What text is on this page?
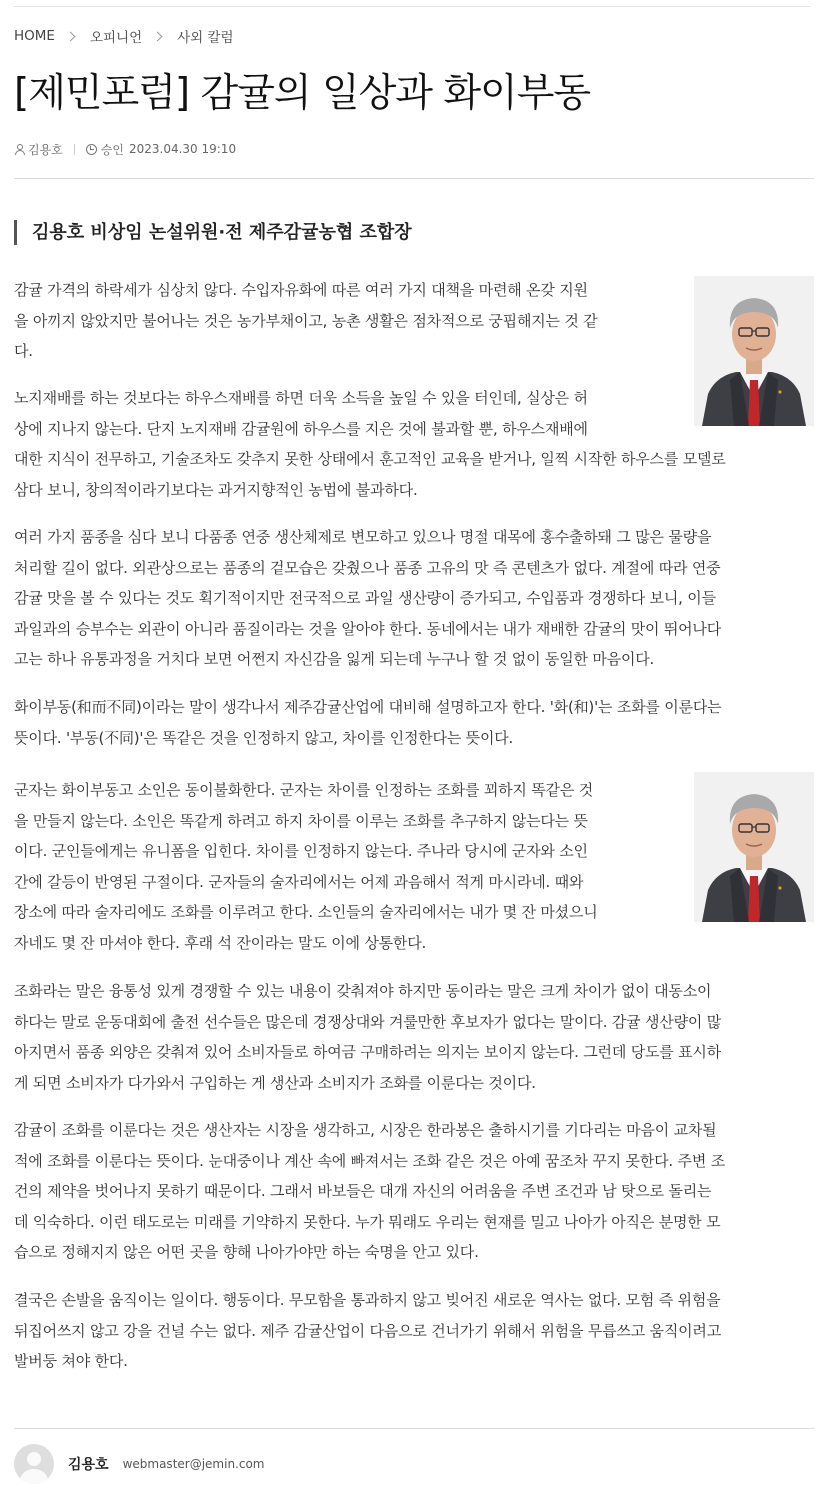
HOME	오피니언	사외 칼럼
[제민포럼] 감귤의 일상과 화이부동
김용호	승인 2023.04.30 19:10
김용호 비상임 논설위원·전 제주감귤농협 조합장
감귤 가격의 하락세가 심상치 않다. 수입자유화에 따른 여러 가지 대책을 마련해 온갖 지원
을 아끼지 않았지만 불어나는 것은 농가부채이고, 농촌 생활은 점차적으로 궁핍해지는 것 같
다.
노지재배를 하는 것보다는 하우스재배를 하면 더욱 소득을 높일 수 있을 터인데, 실상은 허
상에 지나지 않는다. 단지 노지재배 감귤원에 하우스를 지은 것에 불과할 뿐, 하우스재배에
대한 지식이 전무하고, 기술조차도 갖추지 못한 상태에서 훈고적인 교육을 받거나, 일찍 시작한 하우스를 모델로
삼다 보니, 창의적이라기보다는 과거지향적인 농법에 불과하다.
여러 가지 품종을 심다 보니 다품종 연중 생산체제로 변모하고 있으나 명절 대목에 홍수출하돼 그 많은 물량을
처리할 길이 없다. 외관상으로는 품종의 겉모습은 갖췄으나 품종 고유의 맛 즉 콘텐츠가 없다. 계절에 따라 연중
감귤 맛을 볼 수 있다는 것도 획기적이지만 전국적으로 과일 생산량이 증가되고, 수입품과 경쟁하다 보니, 이들
과일과의 승부수는 외관이 아니라 품질이라는 것을 알아야 한다. 동네에서는 내가 재배한 감귤의 맛이 뛰어나다
고는 하나 유통과정을 거치다 보면 어쩐지 자신감을 잃게 되는데 누구나 할 것 없이 동일한 마음이다.
화이부동(和而不同)이라는 말이 생각나서 제주감귤산업에 대비해 설명하고자 한다. '화(和)'는 조화를 이룬다는
뜻이다. '부동(不同)'은 똑같은 것을 인정하지 않고, 차이를 인정한다는 뜻이다.
군자는 화이부동고 소인은 동이불화한다. 군자는 차이를 인정하는 조화를 꾀하지 똑같은 것
을 만들지 않는다. 소인은 똑같게 하려고 하지 차이를 이루는 조화를 추구하지 않는다는 뜻
이다. 군인들에게는 유니폼을 입힌다. 차이를 인정하지 않는다. 주나라 당시에 군자와 소인
간에 갈등이 반영된 구절이다. 군자들의 술자리에서는 어제 과음해서 적게 마시라네. 때와
장소에 따라 술자리에도 조화를 이루려고 한다. 소인들의 술자리에서는 내가 몇 잔 마셨으니
자네도 몇 잔 마셔야 한다. 후래 석 잔이라는 말도 이에 상통한다.
조화라는 말은 융통성 있게 경쟁할 수 있는 내용이 갖춰져야 하지만 동이라는 말은 크게 차이가 없이 대동소이
하다는 말로 운동대회에 출전 선수들은 많은데 경쟁상대와 겨룰만한 후보자가 없다는 말이다. 감귤 생산량이 많
아지면서 품종 외양은 갖춰져 있어 소비자들로 하여금 구매하려는 의지는 보이지 않는다. 그런데 당도를 표시하
게 되면 소비자가 다가와서 구입하는 게 생산과 소비지가 조화를 이룬다는 것이다.
감귤이 조화를 이룬다는 것은 생산자는 시장을 생각하고, 시장은 한라봉은 출하시기를 기다리는 마음이 교차될
적에 조화를 이룬다는 뜻이다. 눈대중이나 계산 속에 빠져서는 조화 같은 것은 아예 꿈조차 꾸지 못한다. 주변 조
건의 제약을 벗어나지 못하기 때문이다. 그래서 바보들은 대개 자신의 어려움을 주변 조건과 남 탓으로 돌리는
데 익숙하다. 이런 태도로는 미래를 기약하지 못한다. 누가 뭐래도 우리는 현재를 밀고 나아가 아직은 분명한 모
습으로 정해지지 않은 어떤 곳을 향해 나아가야만 하는 숙명을 안고 있다.
결국은 손발을 움직이는 일이다. 행동이다. 무모함을 통과하지 않고 빚어진 새로운 역사는 없다. 모험 즉 위험을
뒤집어쓰지 않고 강을 건널 수는 없다. 제주 감귤산업이 다음으로 건너가기 위해서 위험을 무릅쓰고 움직이려고
발버둥 쳐야 한다.
김용호 webmaster@jemin.com
